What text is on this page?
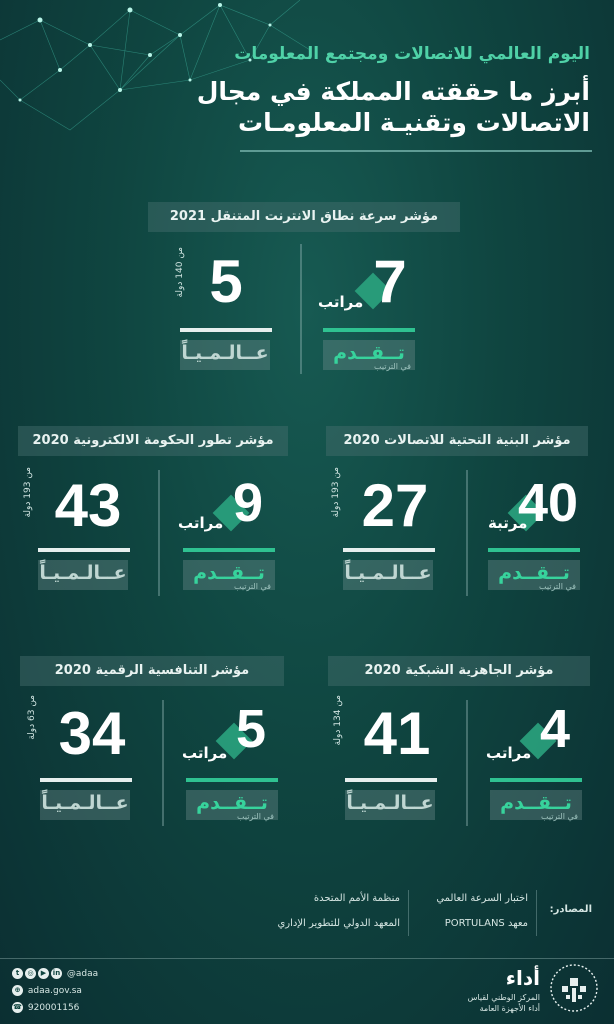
اليوم العالمي للاتصالات ومجتمع المعلومات
أبرز ما حققته المملكة في مجال
الاتصالات وتقنيـة المعلومـات
مؤشر سرعة نطاق الانترنت المتنقل 2021
7
مراتب
تــقــدم
في الترتيب
5
من 140 دولة
عــالـمـيـاً
مؤشر البنية التحتية للاتصالات 2020
40
مرتبة
تــقــدم
في الترتيب
27
من 193 دولة
عــالـمـيـاً
مؤشر تطور الحكومة الالكترونية 2020
9
مراتب
تــقــدم
في الترتيب
43
من 193 دولة
عــالـمـيـاً
مؤشر الجاهزية الشبكية 2020
4
مراتب
تــقــدم
في الترتيب
41
من 134 دولة
عــالـمـيـاً
مؤشر التنافسية الرقمية 2020
5
مراتب
تــقــدم
في الترتيب
34
من 63 دولة
عــالـمـيـاً
المصادر:
اختبار السرعة العالمي
منظمة الأمم المتحدة
معهد PORTULANS
المعهد الدولي للتطوير الإداري
t ◎ ▶ in @adaa
⊕ adaa.gov.sa
☎ 920001156
أداء
المركز الوطني لقياس
أداء الأجهزة العامة
